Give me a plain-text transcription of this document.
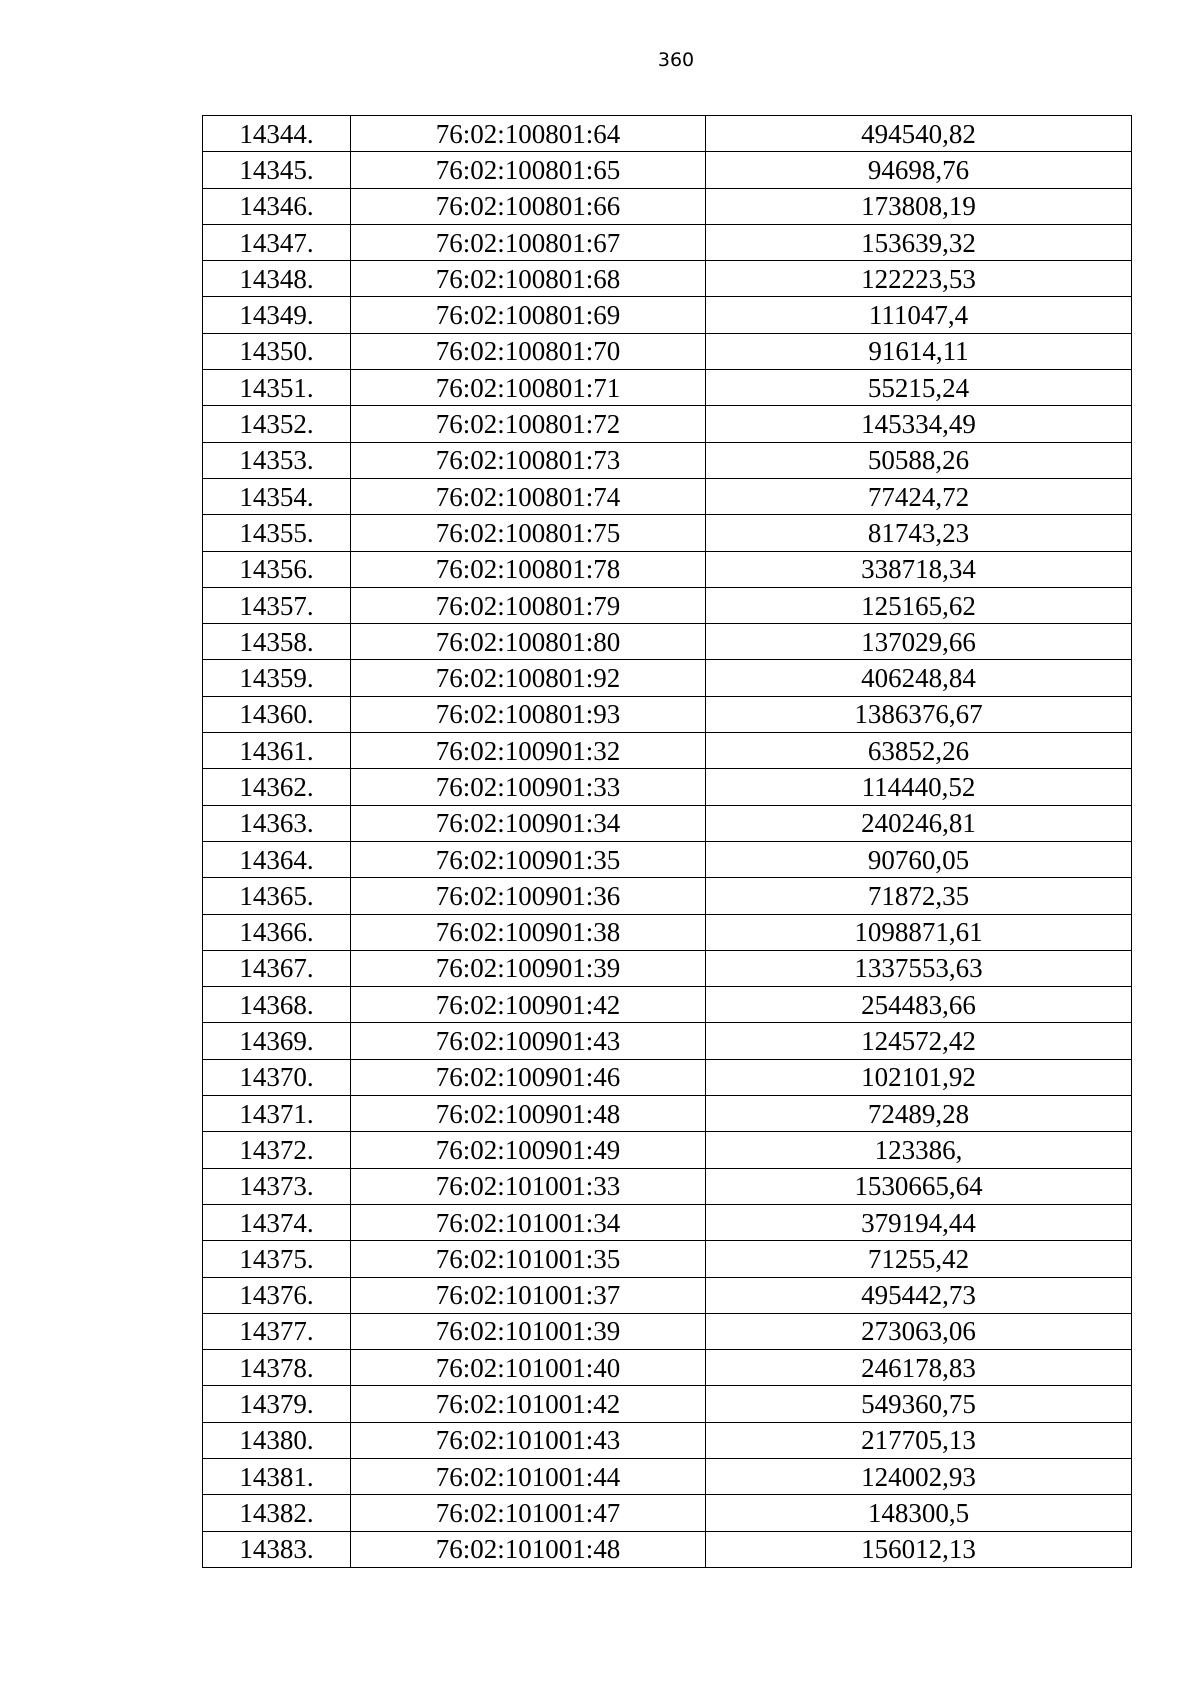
360
14344.	76:02:100801:64	494540,82
14345.	76:02:100801:65	94698,76
14346.	76:02:100801:66	173808,19
14347.	76:02:100801:67	153639,32
14348.	76:02:100801:68	122223,53
14349.	76:02:100801:69	111047,4
14350.	76:02:100801:70	91614,11
14351.	76:02:100801:71	55215,24
14352.	76:02:100801:72	145334,49
14353.	76:02:100801:73	50588,26
14354.	76:02:100801:74	77424,72
14355.	76:02:100801:75	81743,23
14356.	76:02:100801:78	338718,34
14357.	76:02:100801:79	125165,62
14358.	76:02:100801:80	137029,66
14359.	76:02:100801:92	406248,84
14360.	76:02:100801:93	1386376,67
14361.	76:02:100901:32	63852,26
14362.	76:02:100901:33	114440,52
14363.	76:02:100901:34	240246,81
14364.	76:02:100901:35	90760,05
14365.	76:02:100901:36	71872,35
14366.	76:02:100901:38	1098871,61
14367.	76:02:100901:39	1337553,63
14368.	76:02:100901:42	254483,66
14369.	76:02:100901:43	124572,42
14370.	76:02:100901:46	102101,92
14371.	76:02:100901:48	72489,28
14372.	76:02:100901:49	123386,
14373.	76:02:101001:33	1530665,64
14374.	76:02:101001:34	379194,44
14375.	76:02:101001:35	71255,42
14376.	76:02:101001:37	495442,73
14377.	76:02:101001:39	273063,06
14378.	76:02:101001:40	246178,83
14379.	76:02:101001:42	549360,75
14380.	76:02:101001:43	217705,13
14381.	76:02:101001:44	124002,93
14382.	76:02:101001:47	148300,5
14383.	76:02:101001:48	156012,13
